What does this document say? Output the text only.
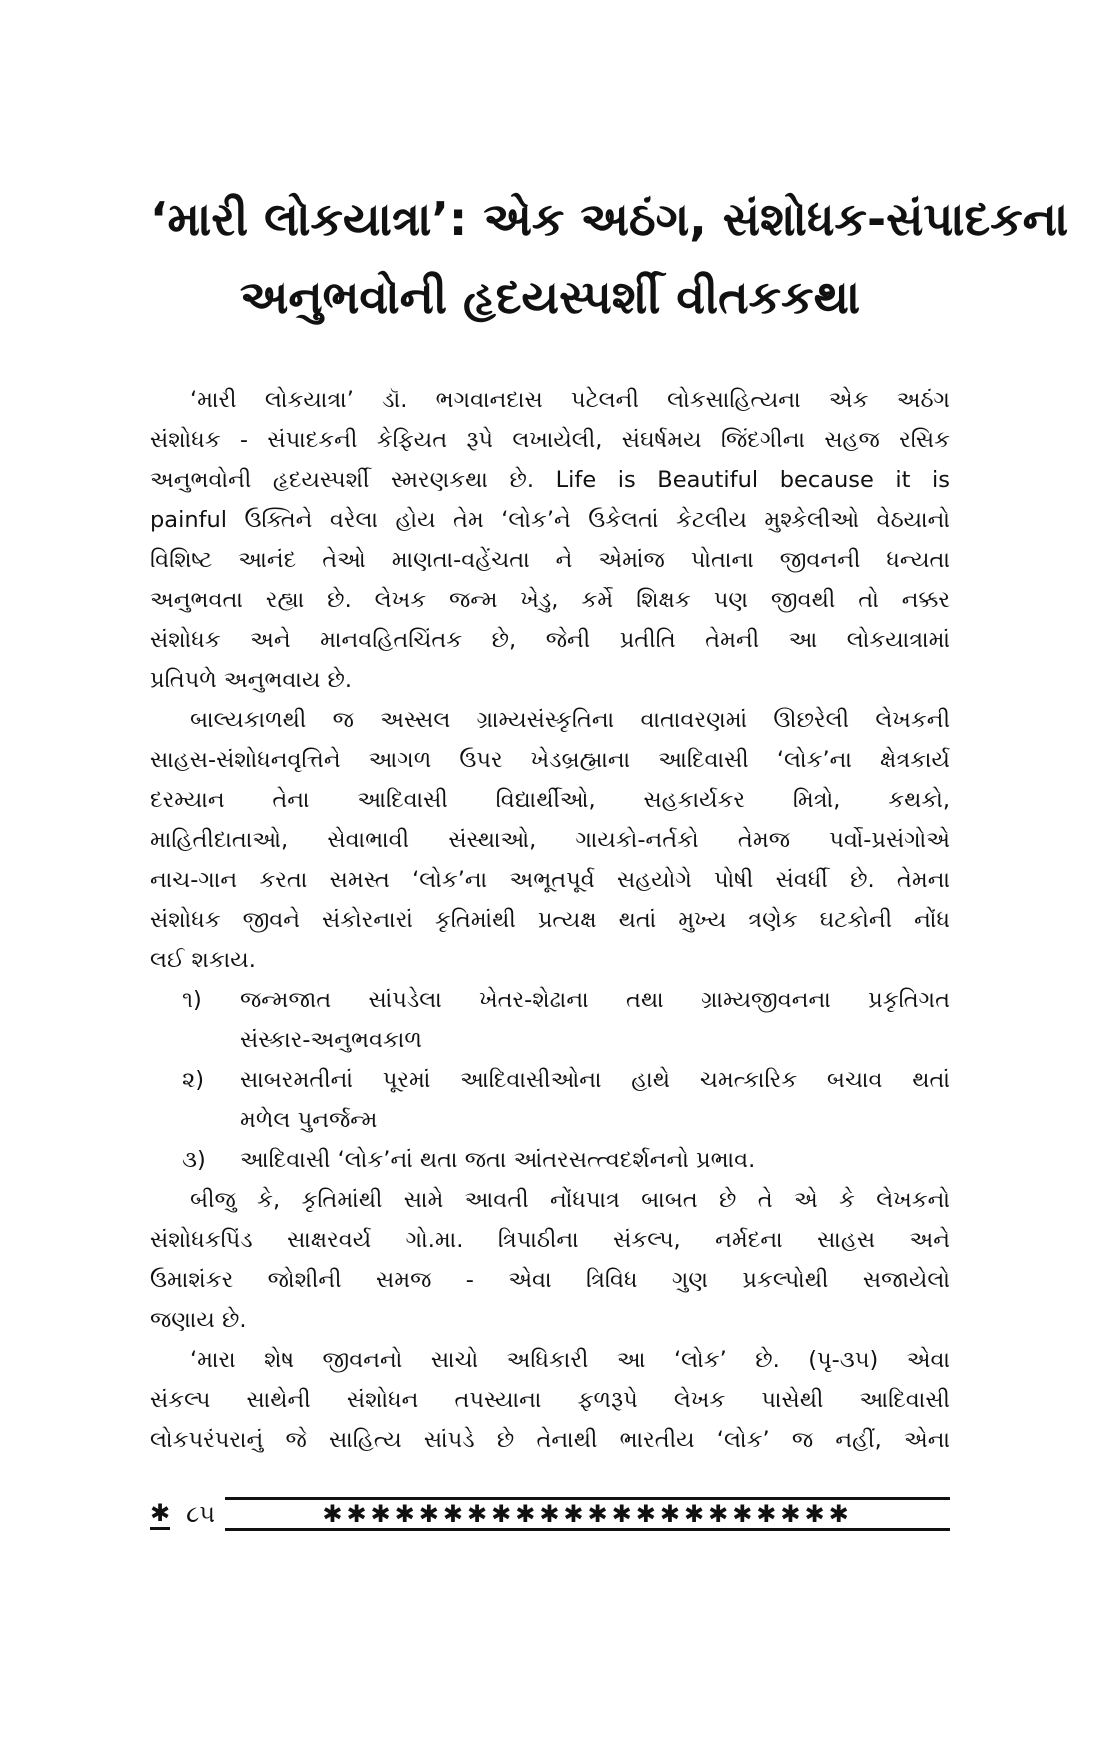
‘મારી લોકયાત્રા’: એક અઠંગ, સંશોધક-સંપાદકના
અનુભવોની હૃદયસ્પર્શી વીતકકથા
‘મારી લોકયાત્રા’ ડૉ. ભગવાનદાસ પટેલની લોકસાહિત્યના એક અઠંગ
સંશોધક - સંપાદકની કેફિયત રૂપે લખાયેલી, સંઘર્ષમય જિંદગીના સહજ રસિક
અનુભવોની હૃદયસ્પર્શી સ્મરણકથા છે. Life is Beautiful because it is
painful ઉક્તિને વરેલા હોય તેમ ‘લોક’ને ઉકેલતાં કેટલીય મુશ્કેલીઓ વેઠયાનો
વિશિષ્ટ આનંદ તેઓ માણતા-વહેંચતા ને એમાંજ પોતાના જીવનની ધન્યતા
અનુભવતા રહ્યા છે. લેખક જન્મ ખેડુ, કર્મે શિક્ષક પણ જીવથી તો નક્કર
સંશોધક અને માનવહિતચિંતક છે, જેની પ્રતીતિ તેમની આ લોકયાત્રામાં
પ્રતિપળે અનુભવાય છે.
બાલ્યકાળથી જ અસ્સલ ગ્રામ્યસંસ્કૃતિના વાતાવરણમાં ઊછરેલી લેખકની
સાહસ-સંશોધનવૃત્તિને આગળ ઉપર ખેડબ્રહ્માના આદિવાસી ‘લોક’ના ક્ષેત્રકાર્ય
દરમ્યાન તેના આદિવાસી વિદ્યાર્થીઓ, સહકાર્યકર મિત્રો, કથકો,
માહિતીદાતાઓ, સેવાભાવી સંસ્થાઓ, ગાયકો-નર્તકો તેમજ પર્વો-પ્રસંગોએ
નાચ-ગાન કરતા સમસ્ત ‘લોક’ના અભૂતપૂર્વ સહયોગે પોષી સંવર્ધી છે. તેમના
સંશોધક જીવને સંકોરનારાં કૃતિમાંથી પ્રત્યક્ષ થતાં મુખ્ય ત્રણેક ઘટકોની નોંધ
લઈ શકાય.
૧) જન્મજાત સાંપડેલા ખેતર-શેઢાના તથા ગ્રામ્યજીવનના પ્રકૃતિગત
સંસ્કાર-અનુભવકાળ
૨) સાબરમતીનાં પૂરમાં આદિવાસીઓના હાથે ચમત્કારિક બચાવ થતાં
મળેલ પુનર્જન્મ
૩) આદિવાસી ‘લોક’નાં થતા જતા આંતરસત્ત્વદર્શનનો પ્રભાવ.
બીજુ કે, કૃતિમાંથી સામે આવતી નોંધપાત્ર બાબત છે તે એ કે લેખકનો
સંશોધકપિંડ સાક્ષરવર્ય ગો.મા. ત્રિપાઠીના સંકલ્પ, નર્મદના સાહસ અને
ઉમાશંકર જોશીની સમજ - એવા ત્રિવિધ ગુણ પ્રકલ્પોથી સજાયેલો
જણાય છે.
‘મારા શેષ જીવનનો સાચો અધિકારી આ ‘લોક’ છે. (પૃ-૩૫) એવા
સંકલ્પ સાથેની સંશોધન તપસ્યાના ફળરૂપે લેખક પાસેથી આદિવાસી
લોકપરંપરાનું જે સાહિત્ય સાંપડે છે તેનાથી ભારતીય ‘લોક’ જ નહીં, એના
✱ ૮૫	✱✱✱✱✱✱✱✱✱✱✱✱✱✱✱✱✱✱✱✱✱✱
